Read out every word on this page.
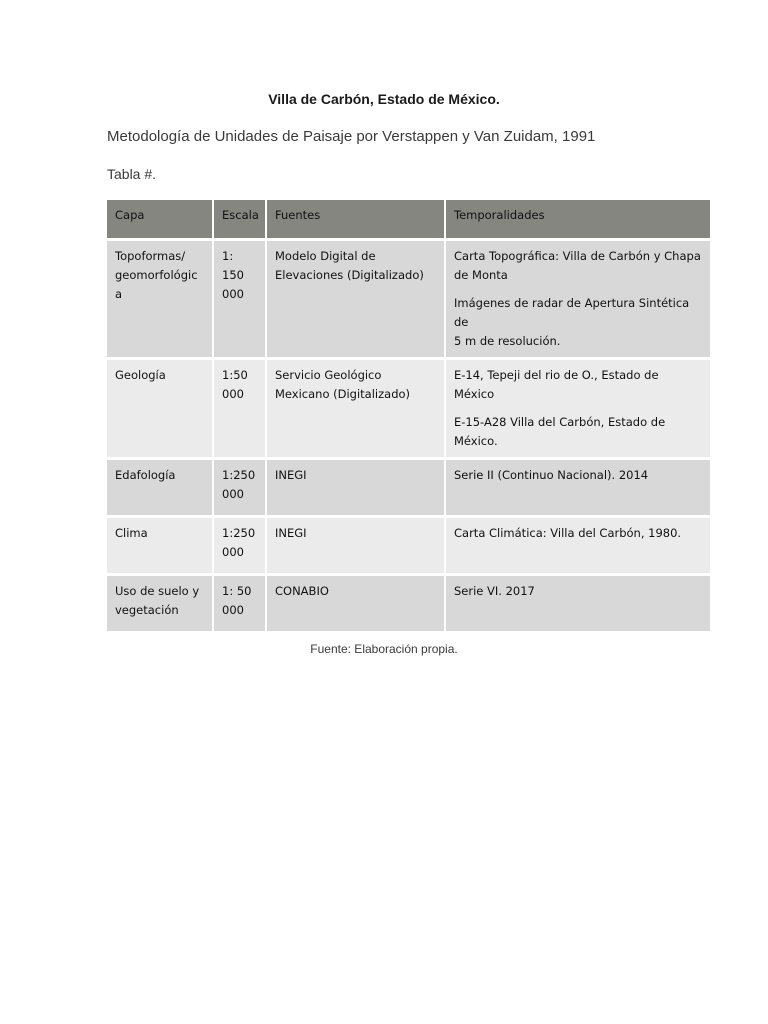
Villa de Carbón, Estado de México.
Metodología de Unidades de Paisaje por Verstappen y Van Zuidam, 1991
Tabla #.
Capa	Escala	Fuentes	Temporalidades

Topoformas/
geomorfológic
a	1: 150
000	Modelo Digital de
Elevaciones (Digitalizado)	Carta Topográfica: Villa de Carbón y Chapa
de Monta
Imágenes de radar de Apertura Sintética de
5 m de resolución.

Geología	1:50
000	Servicio Geológico
Mexicano (Digitalizado)	E-14, Tepeji del rio de O., Estado de México
E-15-A28 Villa del Carbón, Estado de
México.

Edafología	1:250
000	INEGI	Serie II (Continuo Nacional). 2014

Clima	1:250
000	INEGI	Carta Climática: Villa del Carbón, 1980.

Uso de suelo y
vegetación	1: 50
000	CONABIO	Serie VI. 2017
Fuente: Elaboración propia.
